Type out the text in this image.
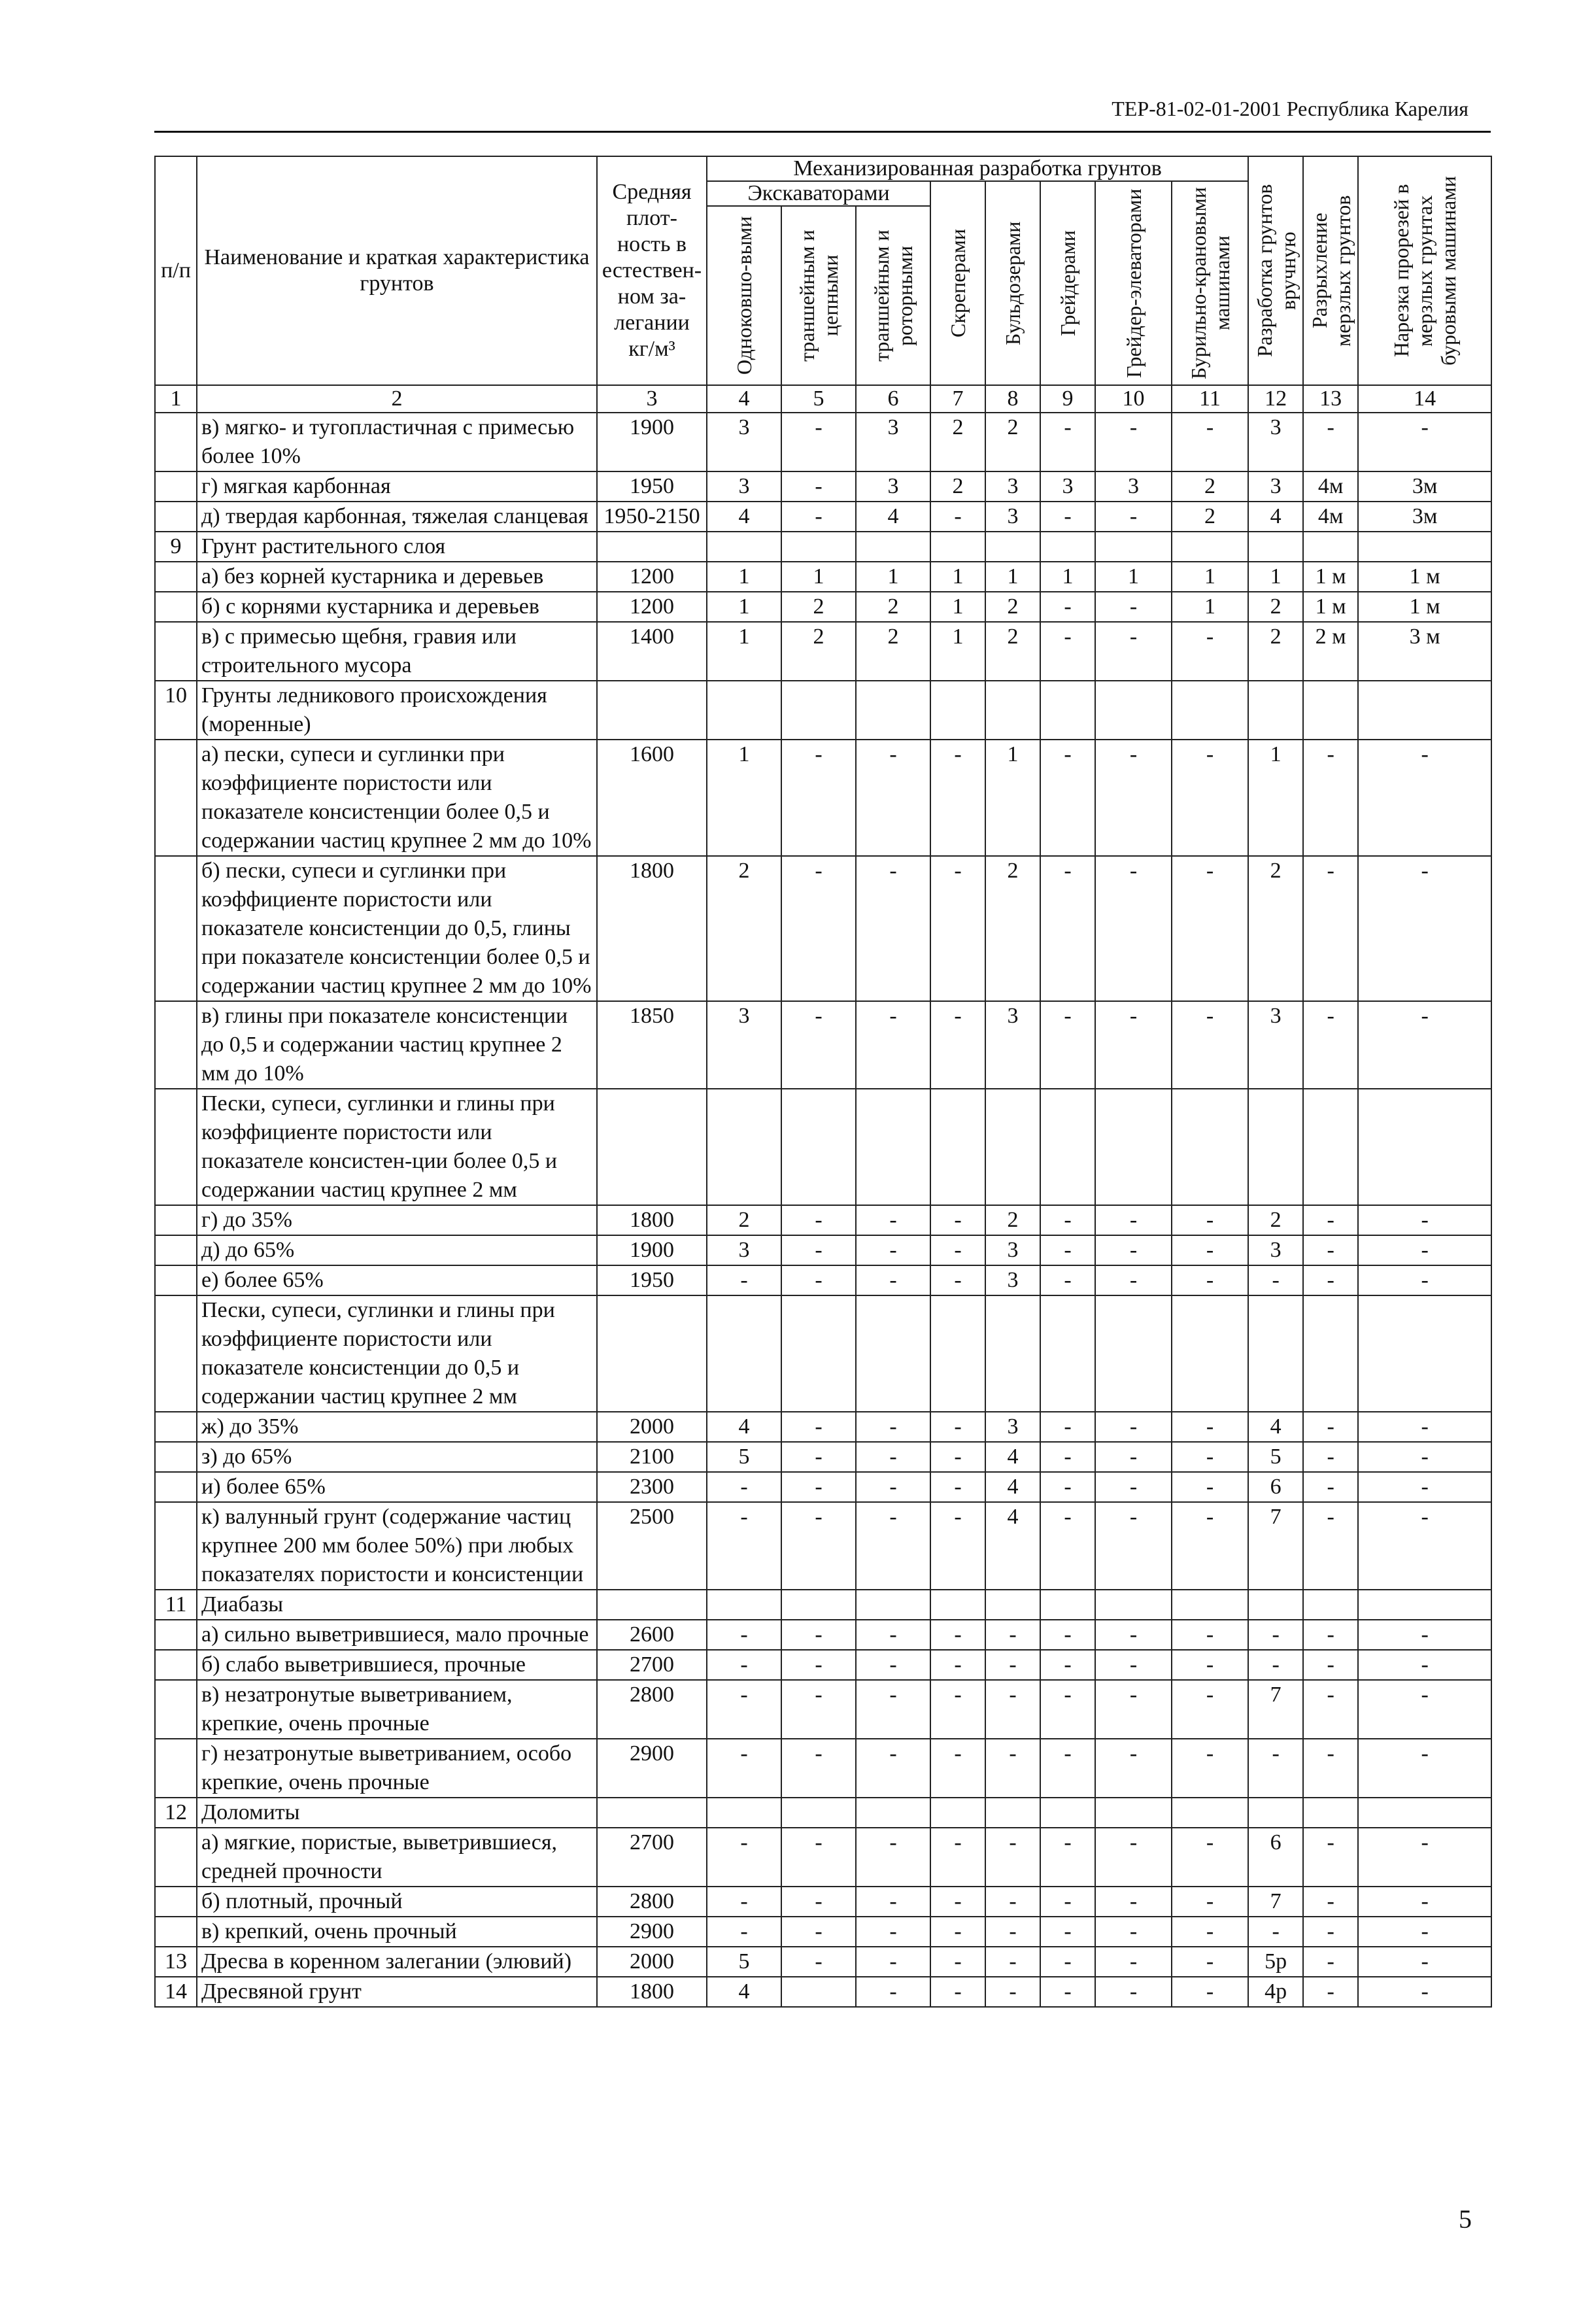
ТЕР-81-02-01-2001 Республика Карелия
п/п	Наименование и краткая характеристика грунтов	Средняя плот-ность в естествен-ном за-легании кг/м³	Механизированная разработка грунтов								Разработка грунтов вручную	Разрыхление мерзлых грунтов	Нарезка прорезей в мерзлых грунтах буровыми машинами

			Экскаваторами			Скреперами	Бульдозерами	Грейдерами	Грейдер-элеваторами	Бурильно-крановыми машинами			

			Одноковшо-выми	траншейным и цепными	траншейным и роторными								

1	2	3	4	5	6	7	8	9	10	11	12	13	14
	в) мягко- и тугопластичная с примесью более 10%	1900	3	-	3	2	2	-	-	-	3	-	-
	г) мягкая карбонная	1950	3	-	3	2	3	3	3	2	3	4м	3м
	д) твердая карбонная, тяжелая сланцевая	1950-2150	4	-	4	-	3	-	-	2	4	4м	3м
9	Грунт растительного слоя												
	а) без корней кустарника и деревьев	1200	1	1	1	1	1	1	1	1	1	1 м	1 м
	б) с корнями кустарника и деревьев	1200	1	2	2	1	2	-	-	1	2	1 м	1 м
	в) с примесью щебня, гравия или строительного мусора	1400	1	2	2	1	2	-	-	-	2	2 м	3 м
10	Грунты ледникового происхождения (моренные)												
	а) пески, супеси и суглинки при коэффициенте пористости или показателе консистенции более 0,5 и содержании частиц крупнее 2 мм до 10%	1600	1	-	-	-	1	-	-	-	1	-	-
	б) пески, супеси и суглинки при коэффициенте пористости или показателе консистенции до 0,5, глины при показателе консистенции более 0,5 и содержании частиц крупнее 2 мм до 10%	1800	2	-	-	-	2	-	-	-	2	-	-
	в) глины при показателе консистенции до 0,5 и содержании частиц крупнее 2 мм до 10%	1850	3	-	-	-	3	-	-	-	3	-	-
	Пески, супеси, суглинки и глины при коэффициенте пористости или показателе консистен-ции более 0,5 и содержании частиц крупнее 2 мм												
	г) до 35%	1800	2	-	-	-	2	-	-	-	2	-	-
	д) до 65%	1900	3	-	-	-	3	-	-	-	3	-	-
	е) более 65%	1950	-	-	-	-	3	-	-	-	-	-	-
	Пески, супеси, суглинки и глины при коэффициенте пористости или показателе консистенции до 0,5 и содержании частиц крупнее 2 мм												
	ж) до 35%	2000	4	-	-	-	3	-	-	-	4	-	-
	з) до 65%	2100	5	-	-	-	4	-	-	-	5	-	-
	и) более 65%	2300	-	-	-	-	4	-	-	-	6	-	-
	к) валунный грунт (содержание частиц крупнее 200 мм более 50%) при любых показателях пористости и консистенции	2500	-	-	-	-	4	-	-	-	7	-	-
11	Диабазы												
	а) сильно выветрившиеся, мало прочные	2600	-	-	-	-	-	-	-	-	-	-	-
	б) слабо выветрившиеся, прочные	2700	-	-	-	-	-	-	-	-	-	-	-
	в) незатронутые выветриванием, крепкие, очень прочные	2800	-	-	-	-	-	-	-	-	7	-	-
	г) незатронутые выветриванием, особо крепкие, очень прочные	2900	-	-	-	-	-	-	-	-	-	-	-
12	Доломиты												
	а) мягкие, пористые, выветрившиеся, средней прочности	2700	-	-	-	-	-	-	-	-	6	-	-
	б) плотный, прочный	2800	-	-	-	-	-	-	-	-	7	-	-
	в) крепкий, очень прочный	2900	-	-	-	-	-	-	-	-	-	-	-
13	Дресва в коренном залегании (элювий)	2000	5	-	-	-	-	-	-	-	5р	-	-
14	Дресвяной грунт	1800	4		-	-	-	-	-	-	4р	-	-
5
